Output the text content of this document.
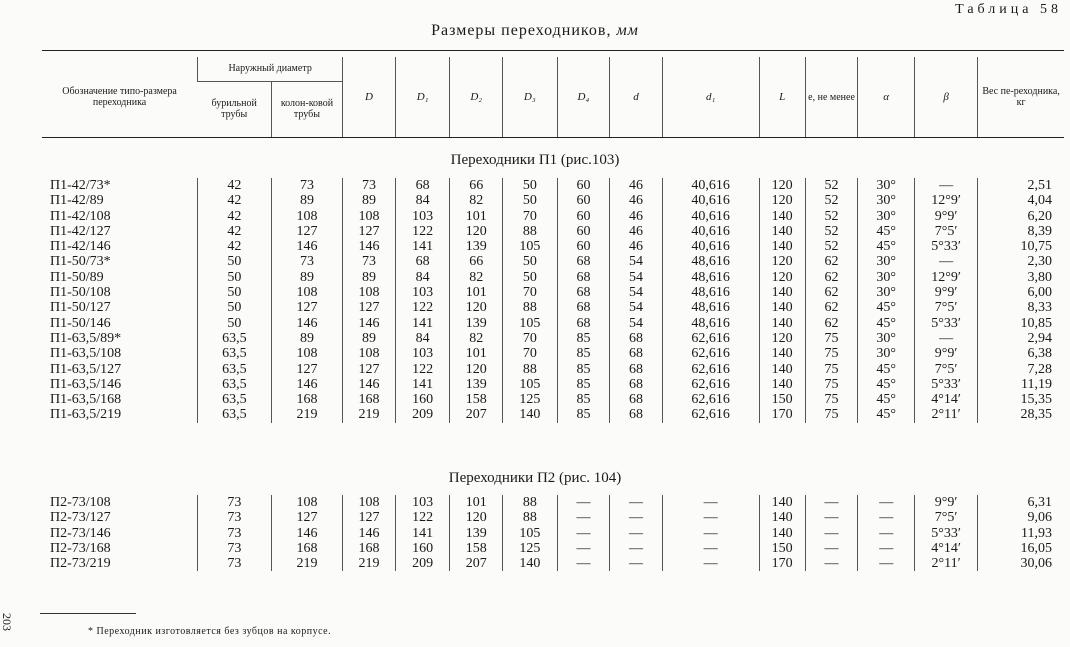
Таблица 58
Размеры переходников, мм
Обозначение типо-размера переходника	Наружный диаметр		D	D₁	D₂	D₃	D₄	d	d₁	L	e, не менее	α	β	Вес пе-реходника, кг
	бурильной трубы	колон-ковой трубы												
Переходники П1 (рис.103)
П1-42/73*	42	73	73	68	66	50	60	46	40,616	120	52	30°	—	2,51
П1-42/89	42	89	89	84	82	50	60	46	40,616	120	52	30°	12°9′	4,04
П1-42/108	42	108	108	103	101	70	60	46	40,616	140	52	30°	9°9′	6,20
П1-42/127	42	127	127	122	120	88	60	46	40,616	140	52	45°	7°5′	8,39
П1-42/146	42	146	146	141	139	105	60	46	40,616	140	52	45°	5°33′	10,75
П1-50/73*	50	73	73	68	66	50	68	54	48,616	120	62	30°	—	2,30
П1-50/89	50	89	89	84	82	50	68	54	48,616	120	62	30°	12°9′	3,80
П1-50/108	50	108	108	103	101	70	68	54	48,616	140	62	30°	9°9′	6,00
П1-50/127	50	127	127	122	120	88	68	54	48,616	140	62	45°	7°5′	8,33
П1-50/146	50	146	146	141	139	105	68	54	48,616	140	62	45°	5°33′	10,85
П1-63,5/89*	63,5	89	89	84	82	70	85	68	62,616	120	75	30°	—	2,94
П1-63,5/108	63,5	108	108	103	101	70	85	68	62,616	140	75	30°	9°9′	6,38
П1-63,5/127	63,5	127	127	122	120	88	85	68	62,616	140	75	45°	7°5′	7,28
П1-63,5/146	63,5	146	146	141	139	105	85	68	62,616	140	75	45°	5°33′	11,19
П1-63,5/168	63,5	168	168	160	158	125	85	68	62,616	150	75	45°	4°14′	15,35
П1-63,5/219	63,5	219	219	209	207	140	85	68	62,616	170	75	45°	2°11′	28,35
Переходники П2 (рис. 104)
П2-73/108	73	108	108	103	101	88	—	—	—	140	—	—	9°9′	6,31
П2-73/127	73	127	127	122	120	88	—	—	—	140	—	—	7°5′	9,06
П2-73/146	73	146	146	141	139	105	—	—	—	140	—	—	5°33′	11,93
П2-73/168	73	168	168	160	158	125	—	—	—	150	—	—	4°14′	16,05
П2-73/219	73	219	219	209	207	140	—	—	—	170	—	—	2°11′	30,06
* Переходник изготовляется без зубцов на корпусе.
203
